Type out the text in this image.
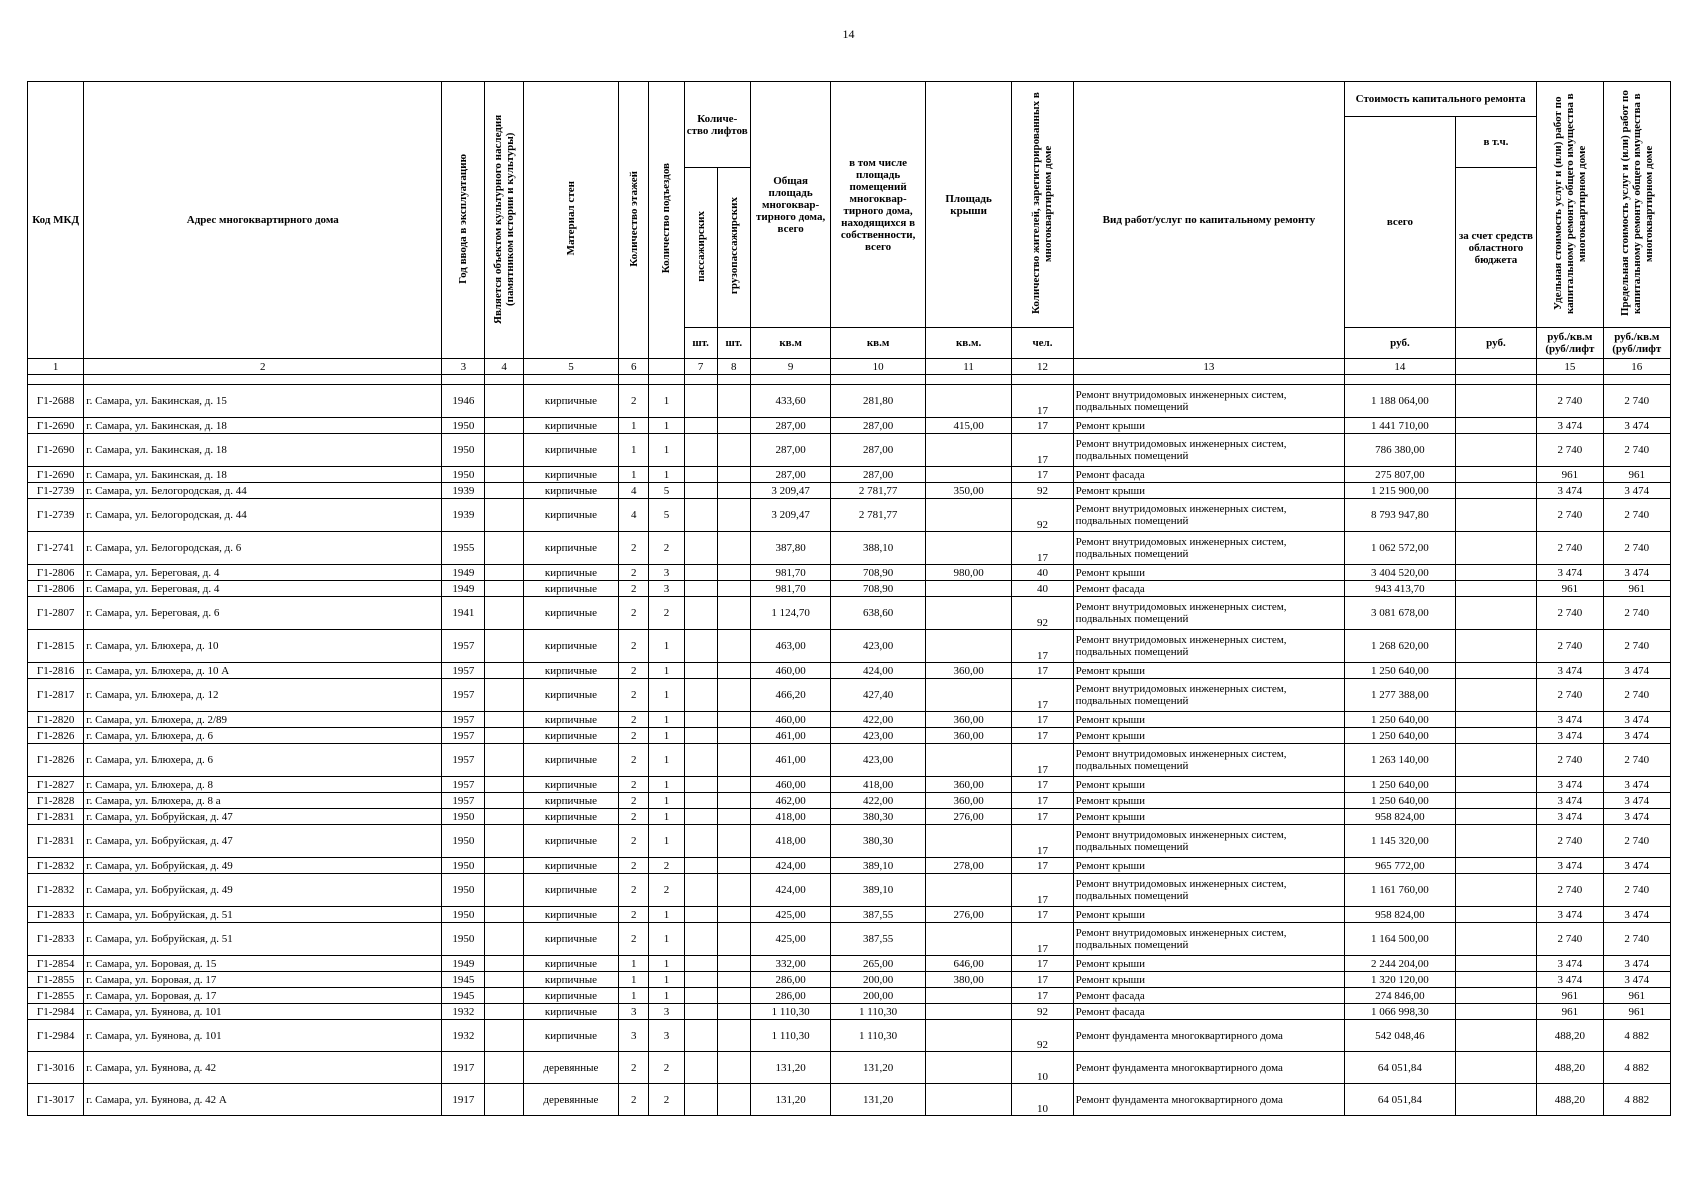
14
Код МКД	Адрес многоквартирного дома	Год ввода в эксплуатацию	Является объектом культурного наследия (памятником истории и культуры)	Материал стен	Количество этажей	Количество подъездов	Количе-ство лифтов		Общая площадь многоквар-тирного дома, всего	в том числе площадь помещений многоквар-тирного дома, находящихся в собственности, всего	Площадь крыши	Количество жителей, зарегистрированных в многоквартирном доме	Вид работ/услуг по капитальному ремонту	Стоимость капитального ремонта		Удельная стоимость услуг и (или) работ по капитальному ремонту общего имущества в многоквартирном доме	Предельная стоимость услуг и (или) работ по капитальному ремонту общего имущества в многоквартирном доме
														всего	в т.ч.		
							пассажирских	грузопассажирских							за счет средств областного бюджета		
							шт.	шт.	кв.м	кв.м	кв.м.	чел.		руб.	руб.	руб./кв.м (руб/лифт	руб./кв.м (руб/лифт
1	2	3	4	5	6		7	8	9	10	11	12	13	14		15	16

Г1-2688	г. Самара, ул. Бакинская, д. 15	1946		кирпичные	2	1			433,60	281,80		17	Ремонт внутридомовых инженерных систем, подвальных помещений	1 188 064,00		2 740	2 740
Г1-2690	г. Самара, ул. Бакинская, д. 18	1950		кирпичные	1	1			287,00	287,00	415,00	17	Ремонт крыши	1 441 710,00		3 474	3 474
Г1-2690	г. Самара, ул. Бакинская, д. 18	1950		кирпичные	1	1			287,00	287,00		17	Ремонт внутридомовых инженерных систем, подвальных помещений	786 380,00		2 740	2 740
Г1-2690	г. Самара, ул. Бакинская, д. 18	1950		кирпичные	1	1			287,00	287,00		17	Ремонт фасада	275 807,00		961	961
Г1-2739	г. Самара, ул. Белогородская, д. 44	1939		кирпичные	4	5			3 209,47	2 781,77	350,00	92	Ремонт крыши	1 215 900,00		3 474	3 474
Г1-2739	г. Самара, ул. Белогородская, д. 44	1939		кирпичные	4	5			3 209,47	2 781,77		92	Ремонт внутридомовых инженерных систем, подвальных помещений	8 793 947,80		2 740	2 740
Г1-2741	г. Самара, ул. Белогородская, д. 6	1955		кирпичные	2	2			387,80	388,10		17	Ремонт внутридомовых инженерных систем, подвальных помещений	1 062 572,00		2 740	2 740
Г1-2806	г. Самара, ул. Береговая, д. 4	1949		кирпичные	2	3			981,70	708,90	980,00	40	Ремонт крыши	3 404 520,00		3 474	3 474
Г1-2806	г. Самара, ул. Береговая, д. 4	1949		кирпичные	2	3			981,70	708,90		40	Ремонт фасада	943 413,70		961	961
Г1-2807	г. Самара, ул. Береговая, д. 6	1941		кирпичные	2	2			1 124,70	638,60		92	Ремонт внутридомовых инженерных систем, подвальных помещений	3 081 678,00		2 740	2 740
Г1-2815	г. Самара, ул. Блюхера, д. 10	1957		кирпичные	2	1			463,00	423,00		17	Ремонт внутридомовых инженерных систем, подвальных помещений	1 268 620,00		2 740	2 740
Г1-2816	г. Самара, ул. Блюхера, д. 10 А	1957		кирпичные	2	1			460,00	424,00	360,00	17	Ремонт крыши	1 250 640,00		3 474	3 474
Г1-2817	г. Самара, ул. Блюхера, д. 12	1957		кирпичные	2	1			466,20	427,40		17	Ремонт внутридомовых инженерных систем, подвальных помещений	1 277 388,00		2 740	2 740
Г1-2820	г. Самара, ул. Блюхера, д. 2/89	1957		кирпичные	2	1			460,00	422,00	360,00	17	Ремонт крыши	1 250 640,00		3 474	3 474
Г1-2826	г. Самара, ул. Блюхера, д. 6	1957		кирпичные	2	1			461,00	423,00	360,00	17	Ремонт крыши	1 250 640,00		3 474	3 474
Г1-2826	г. Самара, ул. Блюхера, д. 6	1957		кирпичные	2	1			461,00	423,00		17	Ремонт внутридомовых инженерных систем, подвальных помещений	1 263 140,00		2 740	2 740
Г1-2827	г. Самара, ул. Блюхера, д. 8	1957		кирпичные	2	1			460,00	418,00	360,00	17	Ремонт крыши	1 250 640,00		3 474	3 474
Г1-2828	г. Самара, ул. Блюхера, д. 8 а	1957		кирпичные	2	1			462,00	422,00	360,00	17	Ремонт крыши	1 250 640,00		3 474	3 474
Г1-2831	г. Самара, ул. Бобруйская, д. 47	1950		кирпичные	2	1			418,00	380,30	276,00	17	Ремонт крыши	958 824,00		3 474	3 474
Г1-2831	г. Самара, ул. Бобруйская, д. 47	1950		кирпичные	2	1			418,00	380,30		17	Ремонт внутридомовых инженерных систем, подвальных помещений	1 145 320,00		2 740	2 740
Г1-2832	г. Самара, ул. Бобруйская, д. 49	1950		кирпичные	2	2			424,00	389,10	278,00	17	Ремонт крыши	965 772,00		3 474	3 474
Г1-2832	г. Самара, ул. Бобруйская, д. 49	1950		кирпичные	2	2			424,00	389,10		17	Ремонт внутридомовых инженерных систем, подвальных помещений	1 161 760,00		2 740	2 740
Г1-2833	г. Самара, ул. Бобруйская, д. 51	1950		кирпичные	2	1			425,00	387,55	276,00	17	Ремонт крыши	958 824,00		3 474	3 474
Г1-2833	г. Самара, ул. Бобруйская, д. 51	1950		кирпичные	2	1			425,00	387,55		17	Ремонт внутридомовых инженерных систем, подвальных помещений	1 164 500,00		2 740	2 740
Г1-2854	г. Самара, ул. Боровая, д. 15	1949		кирпичные	1	1			332,00	265,00	646,00	17	Ремонт крыши	2 244 204,00		3 474	3 474
Г1-2855	г. Самара, ул. Боровая, д. 17	1945		кирпичные	1	1			286,00	200,00	380,00	17	Ремонт крыши	1 320 120,00		3 474	3 474
Г1-2855	г. Самара, ул. Боровая, д. 17	1945		кирпичные	1	1			286,00	200,00		17	Ремонт фасада	274 846,00		961	961
Г1-2984	г. Самара, ул. Буянова, д. 101	1932		кирпичные	3	3			1 110,30	1 110,30		92	Ремонт фасада	1 066 998,30		961	961
Г1-2984	г. Самара, ул. Буянова, д. 101	1932		кирпичные	3	3			1 110,30	1 110,30		92	Ремонт фундамента многоквартирного дома	542 048,46		488,20	4 882
Г1-3016	г. Самара, ул. Буянова, д. 42	1917		деревянные	2	2			131,20	131,20		10	Ремонт фундамента многоквартирного дома	64 051,84		488,20	4 882
Г1-3017	г. Самара, ул. Буянова, д. 42 А	1917		деревянные	2	2			131,20	131,20		10	Ремонт фундамента многоквартирного дома	64 051,84		488,20	4 882
